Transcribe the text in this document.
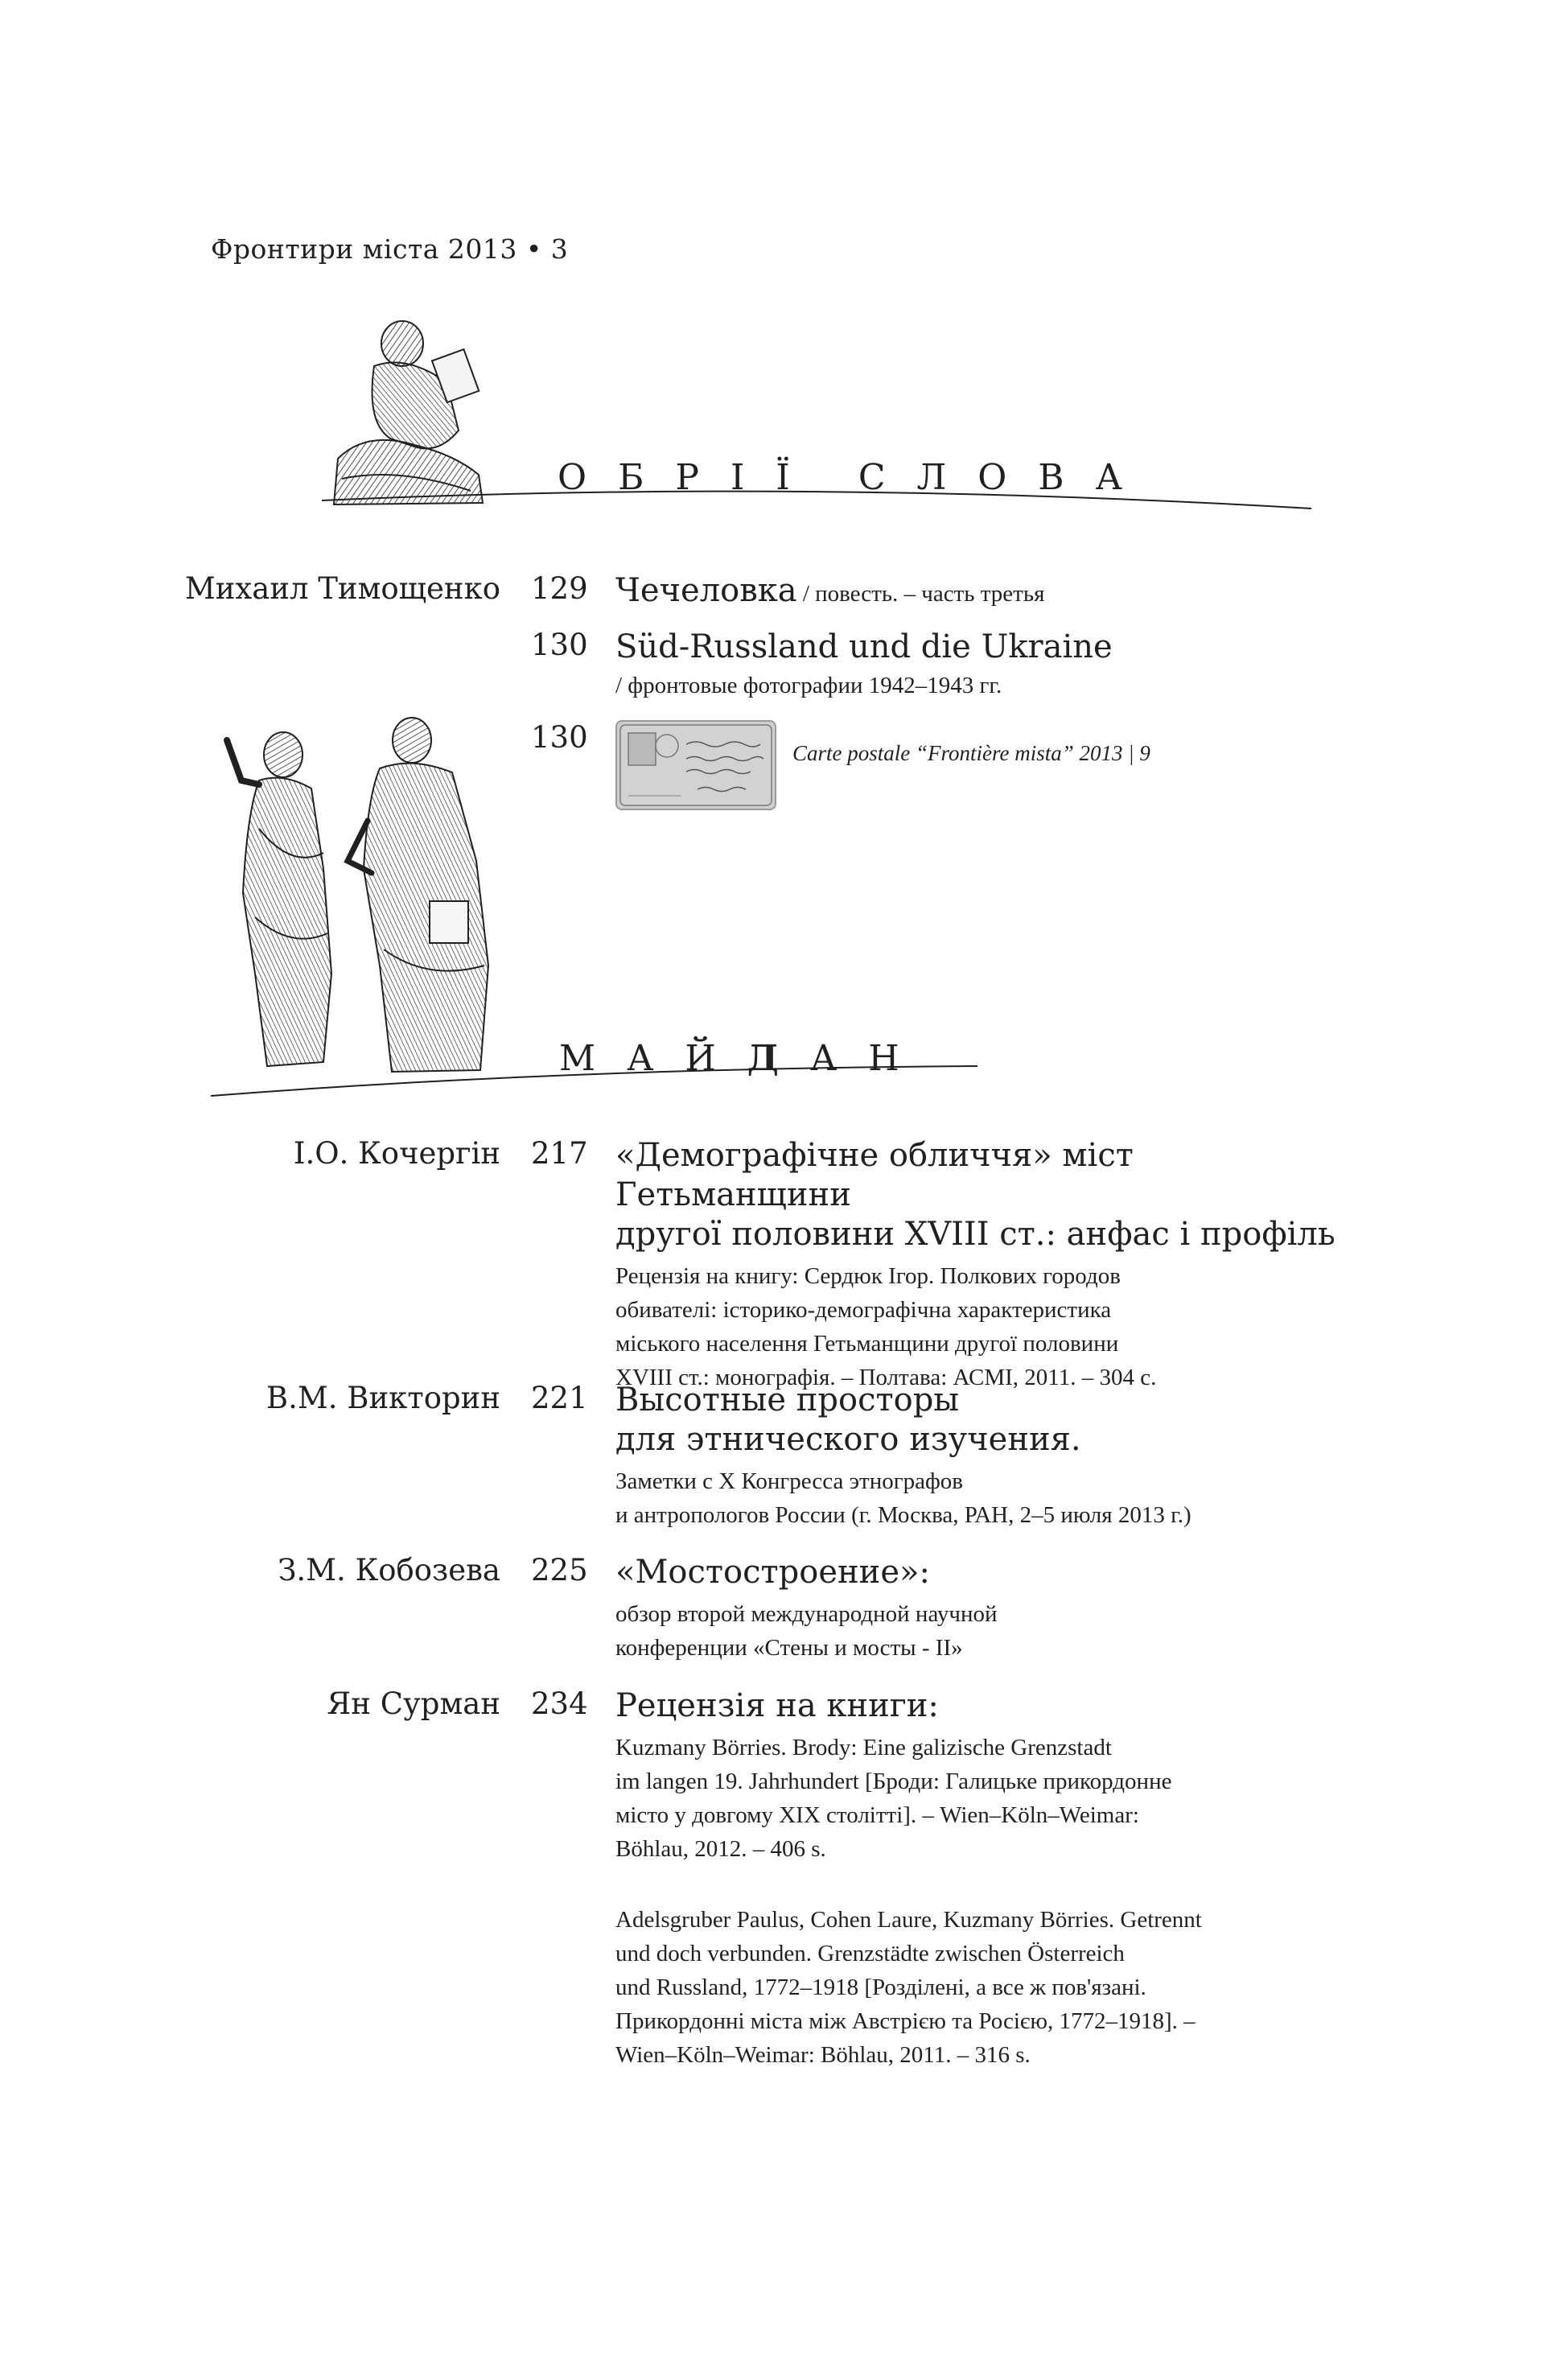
Фронтири міста 2013 • 3
О Б Р І Ї С Л О В А
Михаил Тимощенко 129 Чечеловка / повесть. – часть третья

130 Süd-Russland und die Ukraine

/ фронтовые фотографии 1942–1943 гг.

130	Carte postale “Frontière mista” 2013 | 9
М А Й Д А Н
І.О. Кочергін 217 «Демографічне обличчя» міст Гетьманщини

другої половини XVIII ст.: анфас і профіль

Рецензія на книгу: Сердюк Ігор. Полкових городов

обивателі: історико-демографічна характеристика

міського населення Гетьманщини другої половини

XVIII ст.: монографія. – Полтава: АСМІ, 2011. – 304 с.

В.М. Викторин 221 Высотные просторы

для этнического изучения.

Заметки с X Конгресса этнографов

и антропологов России (г. Москва, РАН, 2–5 июля 2013 г.)

З.М. Кобозева 225 «Мостостроение»:

обзор второй международной научной

конференции «Стены и мосты - II»

Ян Сурман 234 Рецензія на книги:

Kuzmany Börries. Brody: Eine galizische Grenzstadt

im langen 19. Jahrhundert [Броди: Галицьке прикордонне

місто у довгому XIX столітті]. – Wien–Köln–Weimar:

Böhlau, 2012. – 406 s.

Adelsgruber Paulus, Cohen Laure, Kuzmany Börries. Getrennt

und doch verbunden. Grenzstädte zwischen Österreich

und Russland, 1772–1918 [Розділені, а все ж пов'язані.

Прикордонні міста між Австрією та Росією, 1772–1918]. –

Wien–Köln–Weimar: Böhlau, 2011. – 316 s.
